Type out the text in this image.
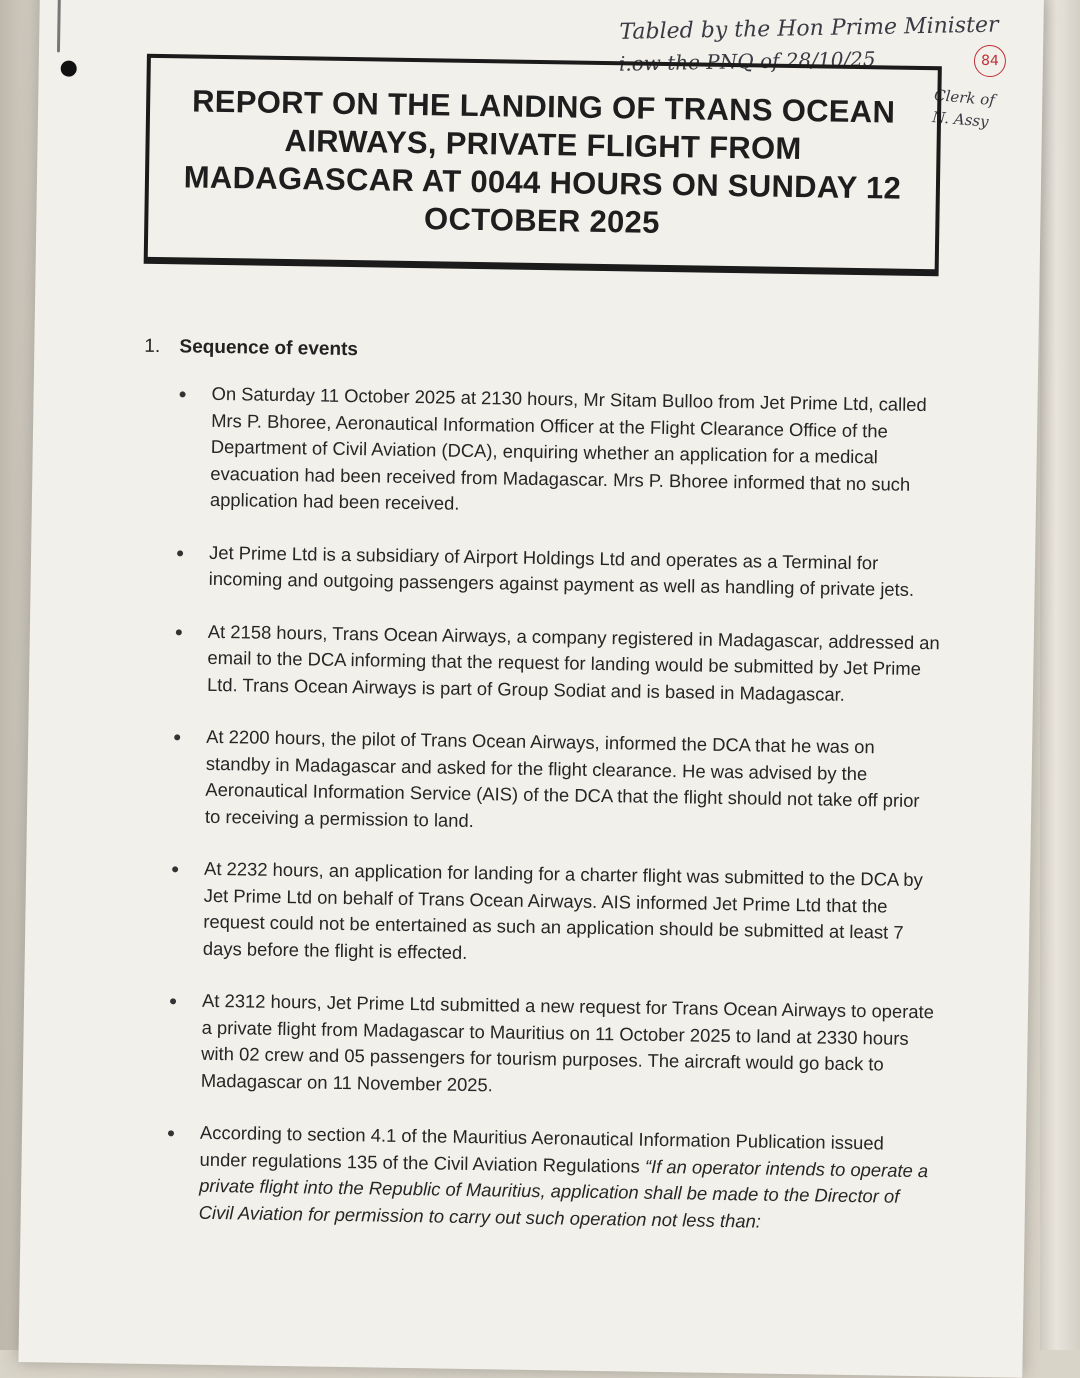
Tabled by the Hon Prime Minister
i.ow the PNQ of 28/10/25	84
Clerk of
N. Assy
REPORT ON THE LANDING OF TRANS OCEAN AIRWAYS, PRIVATE FLIGHT FROM MADAGASCAR AT 0044 HOURS ON SUNDAY 12 OCTOBER 2025
1. Sequence of events
On Saturday 11 October 2025 at 2130 hours, Mr Sitam Bulloo from Jet Prime Ltd, called Mrs P. Bhoree, Aeronautical Information Officer at the Flight Clearance Office of the Department of Civil Aviation (DCA), enquiring whether an application for a medical evacuation had been received from Madagascar. Mrs P. Bhoree informed that no such application had been received.
Jet Prime Ltd is a subsidiary of Airport Holdings Ltd and operates as a Terminal for incoming and outgoing passengers against payment as well as handling of private jets.
At 2158 hours, Trans Ocean Airways, a company registered in Madagascar, addressed an email to the DCA informing that the request for landing would be submitted by Jet Prime Ltd. Trans Ocean Airways is part of Group Sodiat and is based in Madagascar.
At 2200 hours, the pilot of Trans Ocean Airways, informed the DCA that he was on standby in Madagascar and asked for the flight clearance. He was advised by the Aeronautical Information Service (AIS) of the DCA that the flight should not take off prior to receiving a permission to land.
At 2232 hours, an application for landing for a charter flight was submitted to the DCA by Jet Prime Ltd on behalf of Trans Ocean Airways. AIS informed Jet Prime Ltd that the request could not be entertained as such an application should be submitted at least 7 days before the flight is effected.
At 2312 hours, Jet Prime Ltd submitted a new request for Trans Ocean Airways to operate a private flight from Madagascar to Mauritius on 11 October 2025 to land at 2330 hours with 02 crew and 05 passengers for tourism purposes. The aircraft would go back to Madagascar on 11 November 2025.
According to section 4.1 of the Mauritius Aeronautical Information Publication issued under regulations 135 of the Civil Aviation Regulations “If an operator intends to operate a private flight into the Republic of Mauritius, application shall be made to the Director of Civil Aviation for permission to carry out such operation not less than:
